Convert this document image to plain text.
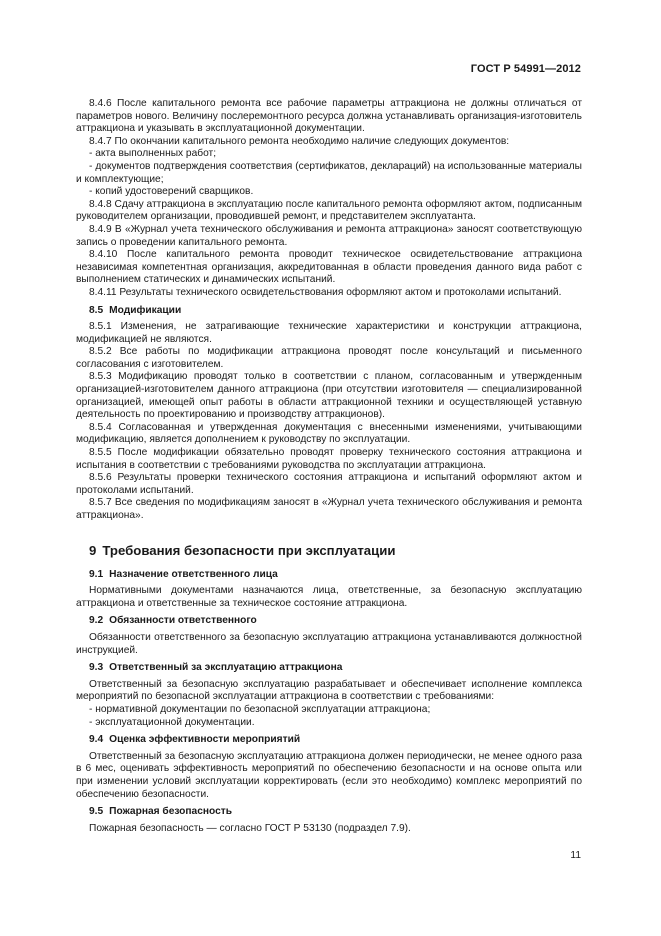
ГОСТ Р 54991—2012

8.4.6 После капитального ремонта все рабочие параметры аттракциона не должны отличаться от параметров нового. Величину послеремонтного ресурса должна устанавливать организация-изготовитель аттракциона и указывать в эксплуатационной документации.

8.4.7 По окончании капитального ремонта необходимо наличие следующих документов:

- акта выполненных работ;

- документов подтверждения соответствия (сертификатов, деклараций) на использованные материалы и комплектующие;

- копий удостоверений сварщиков.

8.4.8 Сдачу аттракциона в эксплуатацию после капитального ремонта оформляют актом, подписанным руководителем организации, проводившей ремонт, и представителем эксплуатанта.

8.4.9 В «Журнал учета технического обслуживания и ремонта аттракциона» заносят соответствующую запись о проведении капитального ремонта.

8.4.10 После капитального ремонта проводит техническое освидетельствование аттракциона независимая компетентная организация, аккредитованная в области проведения данного вида работ с выполнением статических и динамических испытаний.

8.4.11 Результаты технического освидетельствования оформляют актом и протоколами испытаний.

8.5 Модификации

8.5.1 Изменения, не затрагивающие технические характеристики и конструкции аттракциона, модификацией не являются.

8.5.2 Все работы по модификации аттракциона проводят после консультаций и письменного согласования с изготовителем.

8.5.3 Модификацию проводят только в соответствии с планом, согласованным и утвержденным организацией-изготовителем данного аттракциона (при отсутствии изготовителя — специализированной организацией, имеющей опыт работы в области аттракционной техники и осуществляющей уставную деятельность по проектированию и производству аттракционов).

8.5.4 Согласованная и утвержденная документация с внесенными изменениями, учитывающими модификацию, является дополнением к руководству по эксплуатации.

8.5.5 После модификации обязательно проводят проверку технического состояния аттракциона и испытания в соответствии с требованиями руководства по эксплуатации аттракциона.

8.5.6 Результаты проверки технического состояния аттракциона и испытаний оформляют актом и протоколами испытаний.

8.5.7 Все сведения по модификациям заносят в «Журнал учета технического обслуживания и ремонта аттракциона».

9 Требования безопасности при эксплуатации

9.1 Назначение ответственного лица

Нормативными документами назначаются лица, ответственные, за безопасную эксплуатацию аттракциона и ответственные за техническое состояние аттракциона.

9.2 Обязанности ответственного

Обязанности ответственного за безопасную эксплуатацию аттракциона устанавливаются должностной инструкцией.

9.3 Ответственный за эксплуатацию аттракциона

Ответственный за безопасную эксплуатацию разрабатывает и обеспечивает исполнение комплекса мероприятий по безопасной эксплуатации аттракциона в соответствии с требованиями:

- нормативной документации по безопасной эксплуатации аттракциона;

- эксплуатационной документации.

9.4 Оценка эффективности мероприятий

Ответственный за безопасную эксплуатацию аттракциона должен периодически, не менее одного раза в 6 мес, оценивать эффективность мероприятий по обеспечению безопасности и на основе опыта или при изменении условий эксплуатации корректировать (если это необходимо) комплекс мероприятий по обеспечению безопасности.

9.5 Пожарная безопасность

Пожарная безопасность — согласно ГОСТ Р 53130 (подраздел 7.9).

11
